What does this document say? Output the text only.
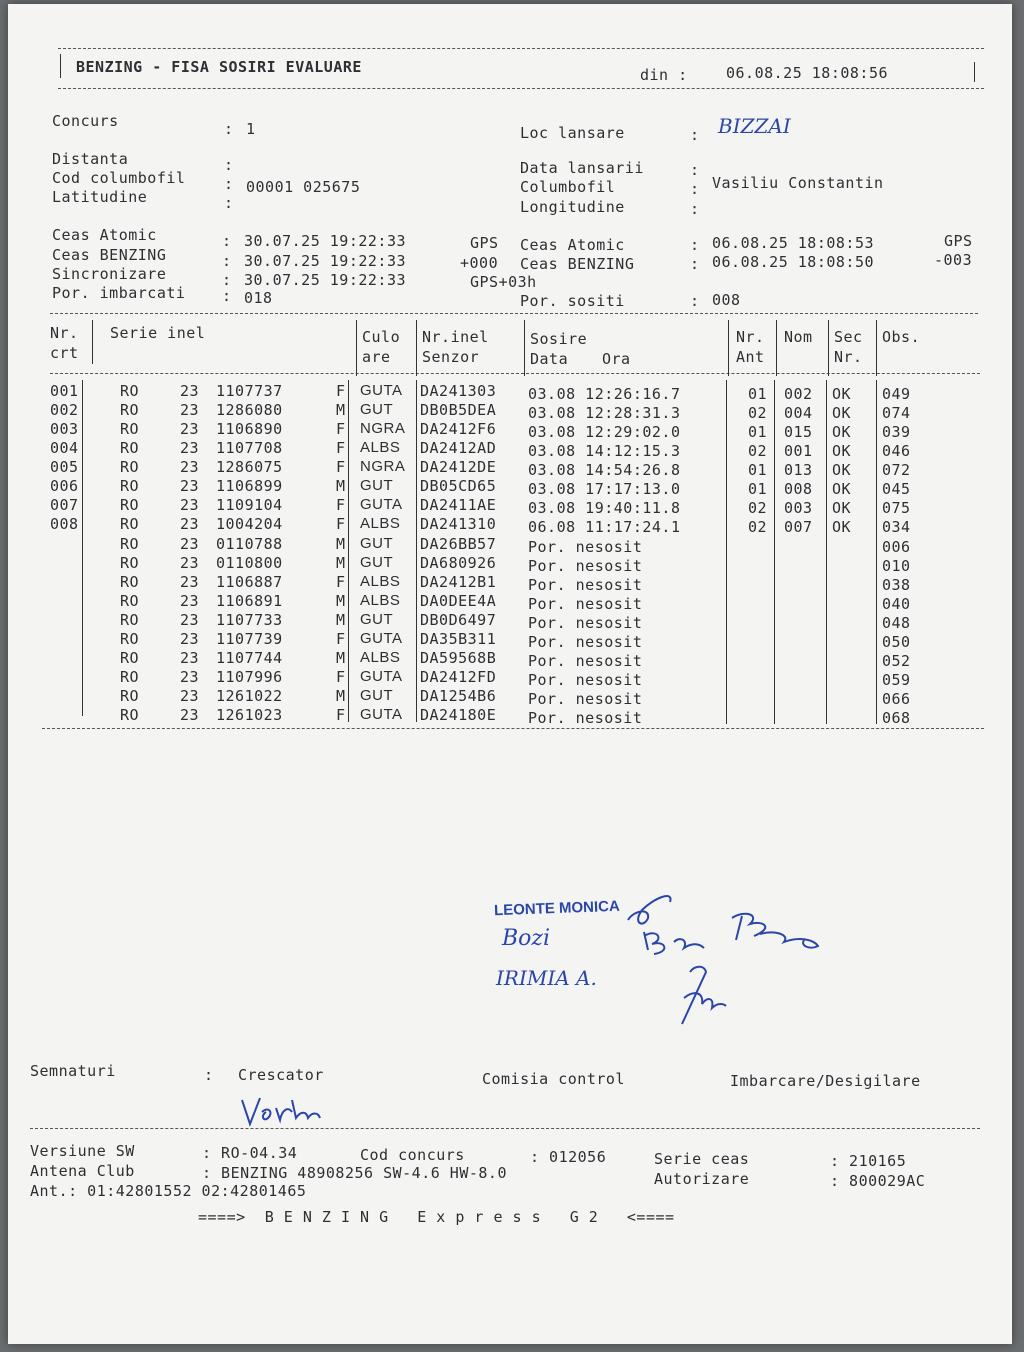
BENZING - FISA SOSIRI EVALUARE	din :	06.08.25 18:08:56
Concurs	: 1
Distanta	:
Cod columbofil	: 00001 025675
Latitudine	:
Loc lansare	: BIZZAI
Data lansarii	:
Columbofil	: Vasiliu Constantin
Longitudine	:
Ceas Atomic	: 30.07.25 19:22:33	GPS
Ceas BENZING	: 30.07.25 19:22:33	+000
Sincronizare	: 30.07.25 19:22:33	GPS+03h
Por. imbarcati : 018
Ceas Atomic	: 06.08.25 18:08:53	GPS
Ceas BENZING	: 06.08.25 18:08:50	-003
Por. sositi	: 008
Nr.
crt
Serie inel	Culo
are
Nr.inel
Senzor
Sosire
Data Ora
Nr.
Ant
Nom Sec
Nr.
Obs.
001	RO	23 1107737	F GUTA DA241303 03.08 12:26:16.7	01 002 OK 049
002	RO	23 1286080	M GUT DB0B5DEA 03.08 12:28:31.3	02 004 OK 074
003	RO	23 1106890	F NGRA DA2412F6 03.08 12:29:02.0	01 015 OK 039
004	RO	23 1107708	F ALBS DA2412AD 03.08 14:12:15.3	02 001 OK 046
005	RO	23 1286075	F NGRA DA2412DE 03.08 14:54:26.8	01 013 OK 072
006	RO	23 1106899	M GUT DB05CD65 03.08 17:17:13.0	01 008 OK 045
007	RO	23 1109104	F GUTA DA2411AE 03.08 19:40:11.8	02 003 OK 075
008	RO	23 1004204	F ALBS DA241310 06.08 11:17:24.1	02 007 OK 034
RO	23 0110788	M GUT DA26BB57 Por. nesosit	006
RO	23 0110800	M GUT DA680926 Por. nesosit	010
RO	23 1106887	F ALBS DA2412B1 Por. nesosit	038
RO	23 1106891	M ALBS DA0DEE4A Por. nesosit	040
RO	23 1107733	M GUT DB0D6497 Por. nesosit	048
RO	23 1107739	F GUTA DA35B311 Por. nesosit	050
RO	23 1107744	M ALBS DA59568B Por. nesosit	052
RO	23 1107996	F GUTA DA2412FD Por. nesosit	059
RO	23 1261022	M GUT DA1254B6 Por. nesosit	066
RO	23 1261023	F GUTA DA24180E Por. nesosit	068
LEONTE MONICA
Bozi
IRIMIA A.
Semnaturi	: Crescator	Comisia control	Imbarcare/Desigilare
Versiune SW	: RO-04.34	Cod concurs	: 012056	Serie ceas	: 210165
Antena Club	: BENZING 48908256 SW-4.6 HW-8.0	Autorizare	: 800029AC
Ant.: 01:42801552 02:42801465
====>  B E N Z I N G   E x p r e s s   G 2   <====
